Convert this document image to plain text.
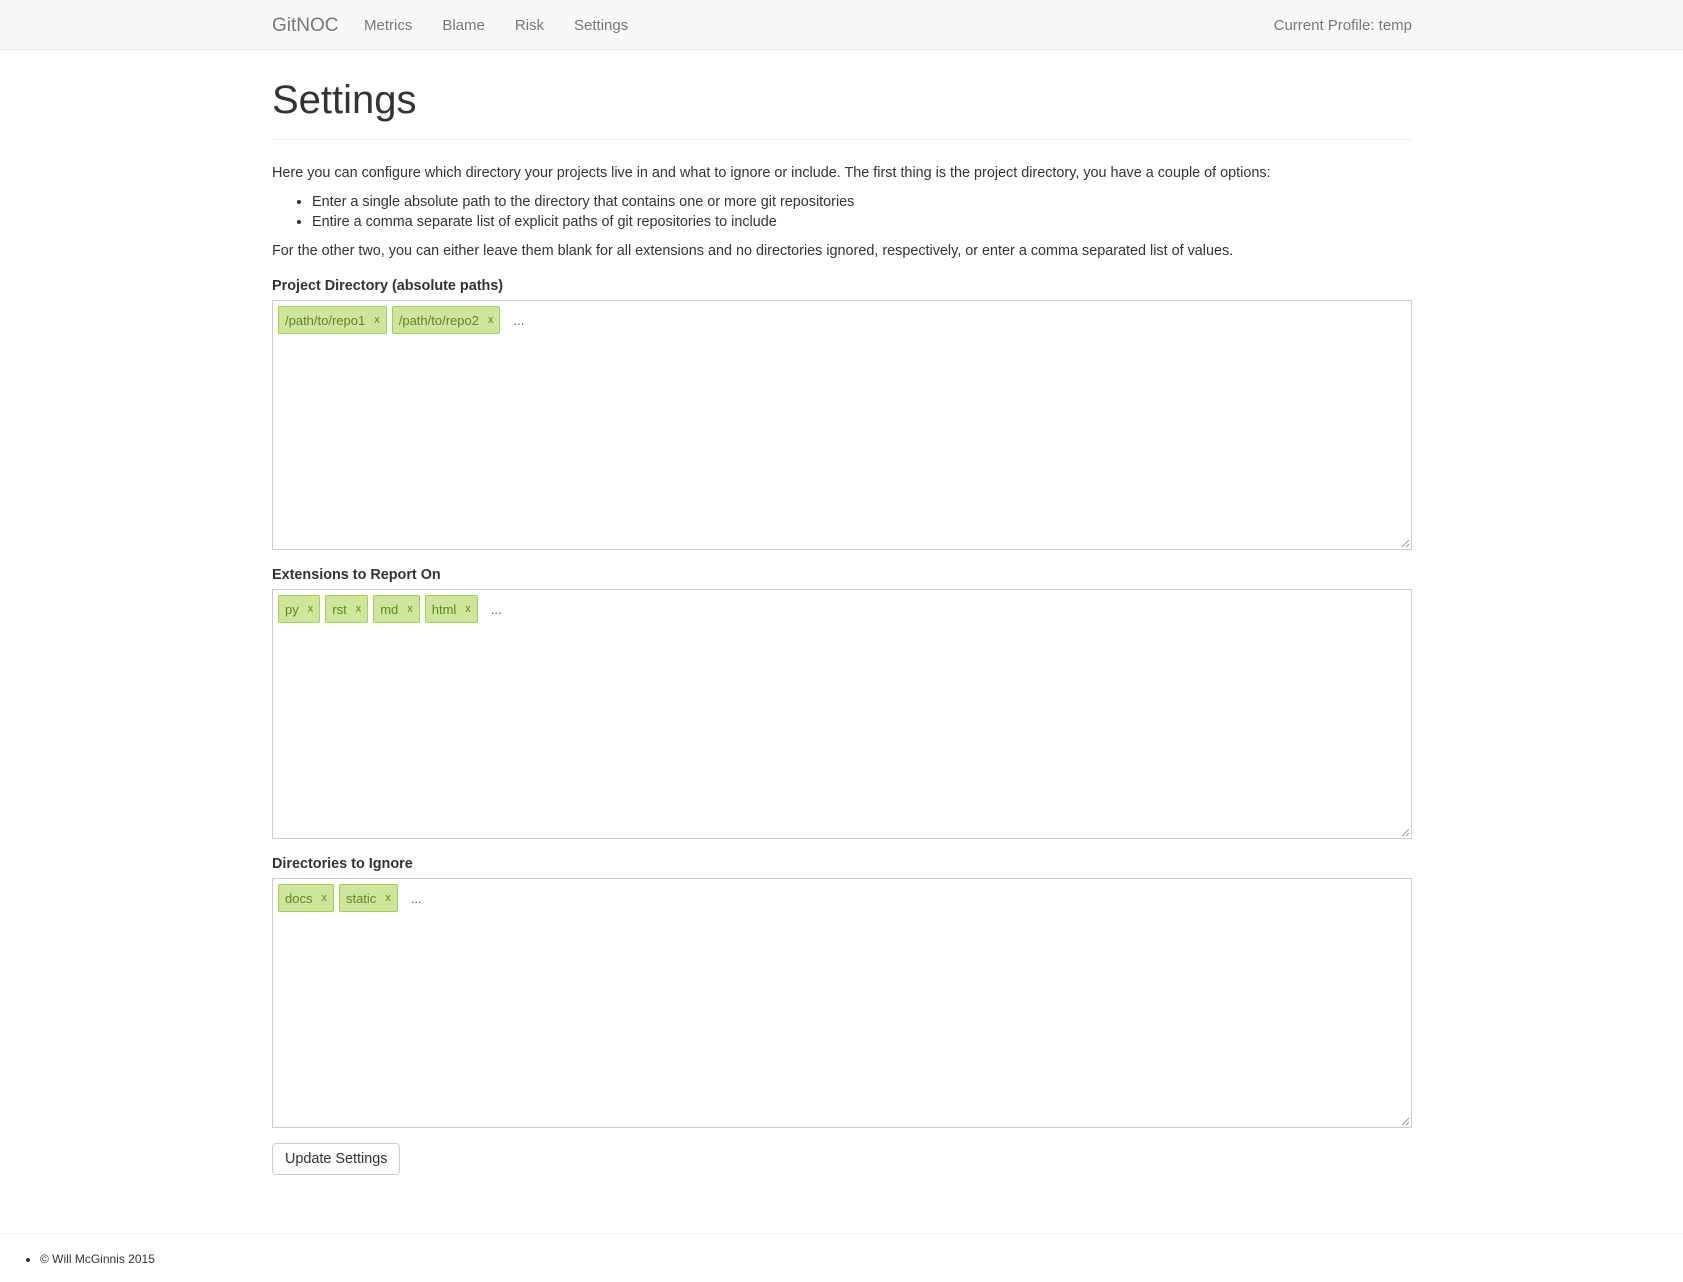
GitNOC Metrics Blame Risk Settings	Current Profile: temp
Settings

Here you can configure which directory your projects live in and what to ignore or include. The first thing is the project directory, you have a couple of options:

• Enter a single absolute path to the directory that contains one or more git repositories
• Entire a comma separate list of explicit paths of git repositories to include

For the other two, you can either leave them blank for all extensions and no directories ignored, respectively, or enter a comma separated list of values.

Project Directory (absolute paths)
/path/to/repo1 x /path/to/repo2 x
...
Extensions to Report On
py x rst x md x html x
...
Directories to Ignore
docs x static x
...
Update Settings
• © Will McGinnis 2015
